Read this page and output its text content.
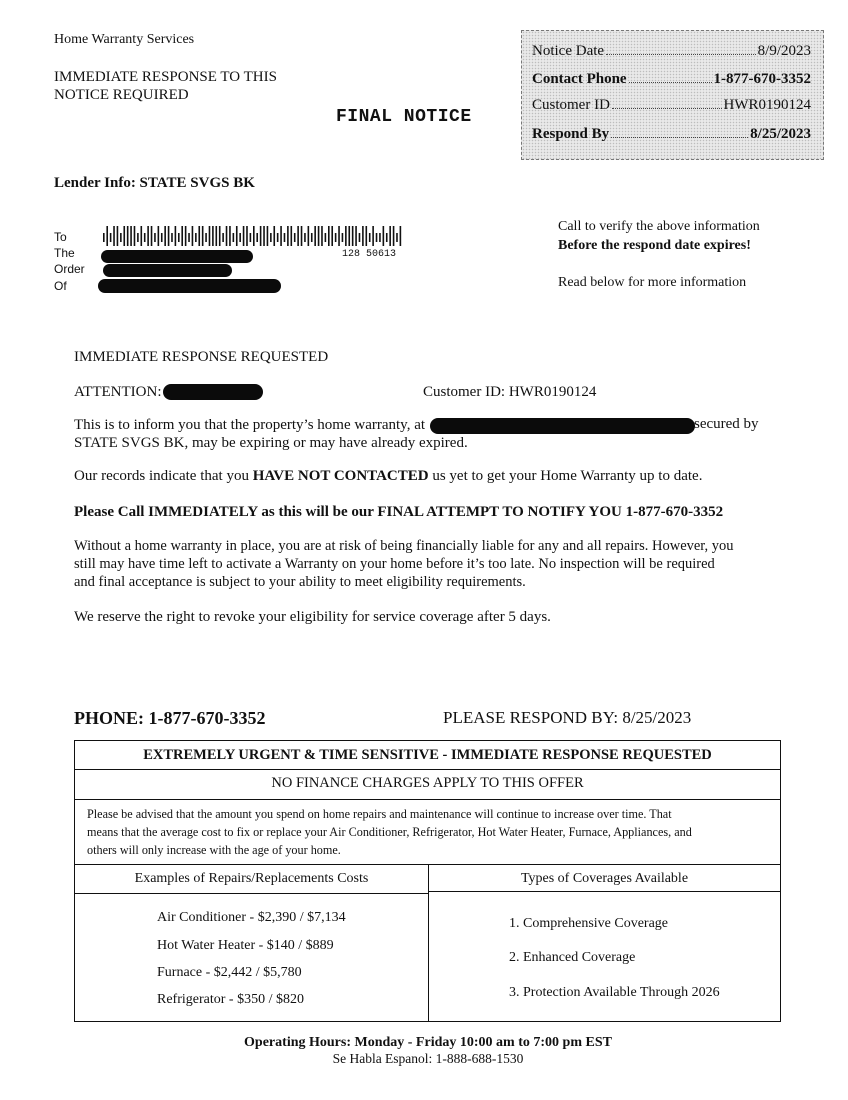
Home Warranty Services
IMMEDIATE RESPONSE TO THIS
NOTICE REQUIRED
FINAL NOTICE
Notice Date	8/9/2023
Contact Phone	1-877-670-3352
Customer ID	HWR0190124
Respond By	8/25/2023
Lender Info: STATE SVGS BK
To
The
Order
Of
128 50613
Call to verify the above information
Before the respond date expires!
Read below for more information
IMMEDIATE RESPONSE REQUESTED
ATTENTION:	Customer ID: HWR0190124
This is to inform you that the property’s home warranty, at	secured by
STATE SVGS BK, may be expiring or may have already expired.
Our records indicate that you HAVE NOT CONTACTED us yet to get your Home Warranty up to date.
Please Call IMMEDIATELY as this will be our FINAL ATTEMPT TO NOTIFY YOU 1-877-670-3352
Without a home warranty in place, you are at risk of being financially liable for any and all repairs. However, you
still may have time left to activate a Warranty on your home before it’s too late. No inspection will be required
and final acceptance is subject to your ability to meet eligibility requirements.
We reserve the right to revoke your eligibility for service coverage after 5 days.
PHONE: 1-877-670-3352	PLEASE RESPOND BY: 8/25/2023
EXTREMELY URGENT & TIME SENSITIVE - IMMEDIATE RESPONSE REQUESTED
NO FINANCE CHARGES APPLY TO THIS OFFER
Please be advised that the amount you spend on home repairs and maintenance will continue to increase over time. That
means that the average cost to fix or replace your Air Conditioner, Refrigerator, Hot Water Heater, Furnace, Appliances, and
others will only increase with the age of your home.
Examples of Repairs/Replacements Costs	Types of Coverages Available
Air Conditioner - $2,390 / $7,134
Hot Water Heater - $140 / $889
Furnace - $2,442 / $5,780
Refrigerator - $350 / $820
1. Comprehensive Coverage
2. Enhanced Coverage
3. Protection Available Through 2026
Operating Hours: Monday - Friday 10:00 am to 7:00 pm EST
Se Habla Espanol: 1-888-688-1530
